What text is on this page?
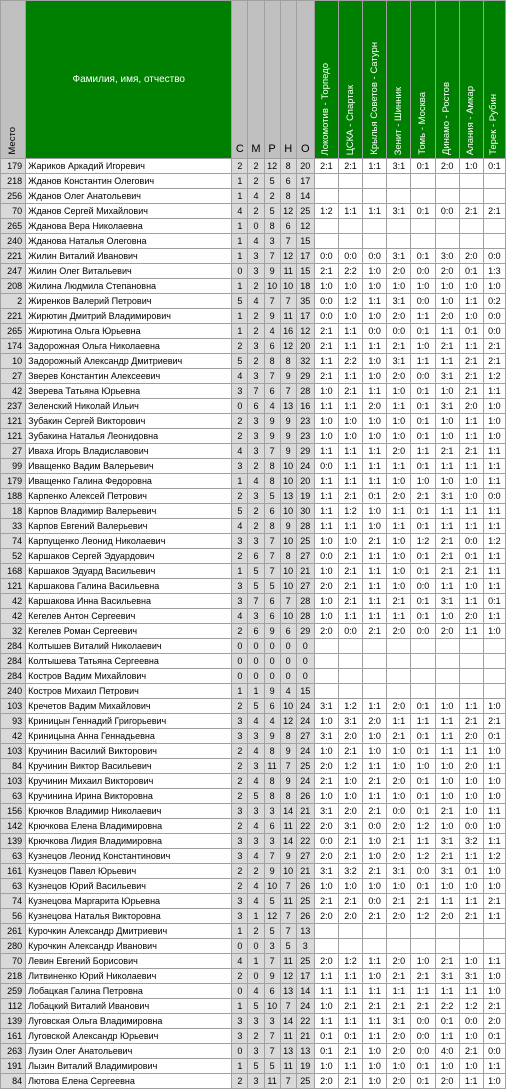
Место	Фамилия, имя, отчество	С	М	Р	Н	О	Локомотив - Торпедо	ЦСКА - Спартак	Крылья Советов - Сатурн	Зенит - Шинник	Томь - Москва	Динамо - Ростов	Алания - Амкар	Терек - Рубин

179	Жариков Аркадий Игоревич	2	2	12	8	20	2:1	2:1	1:1	3:1	0:1	2:0	1:0	0:1
218	Жданов Константин Олегович	1	2	5	6	17								
256	Жданов Олег Анатольевич	1	4	2	8	14								
70	Жданов Сергей Михайлович	4	2	5	12	25	1:2	1:1	1:1	3:1	0:1	0:0	2:1	2:1
265	Жданова Вера Николаевна	1	0	8	6	12								
240	Жданова Наталья Олеговна	1	4	3	7	15								
221	Жилин Виталий Иванович	1	3	7	12	17	0:0	0:0	0:0	3:1	0:1	3:0	2:0	0:0
247	Жилин Олег Витальевич	0	3	9	11	15	2:1	2:2	1:0	2:0	0:0	2:0	0:1	1:3
208	Жилина Людмила Степановна	1	2	10	10	18	1:0	1:0	1:0	1:0	1:0	1:0	1:0	1:0
2	Жиренков Валерий Петрович	5	4	7	7	35	0:0	1:2	1:1	3:1	0:0	1:0	1:1	0:2
221	Жирютин Дмитрий Владимирович	1	2	9	11	17	0:0	1:0	1:0	2:0	1:1	2:0	1:0	0:0
265	Жирютина Ольга Юрьевна	1	2	4	16	12	2:1	1:1	0:0	0:0	0:1	1:1	0:1	0:0
174	Задорожная Ольга Николаевна	2	3	6	12	20	2:1	1:1	1:1	2:1	1:0	2:1	1:1	2:1
10	Задорожный Александр Дмитриевич	5	2	8	8	32	1:1	2:2	1:0	3:1	1:1	1:1	2:1	2:1
27	Зверев Константин Алексеевич	4	3	7	9	29	2:1	1:1	1:0	2:0	0:0	3:1	2:1	1:2
42	Зверева Татьяна Юрьевна	3	7	6	7	28	1:0	2:1	1:1	1:0	0:1	1:0	2:1	1:1
237	Зеленский Николай Ильич	0	6	4	13	16	1:1	1:1	2:0	1:1	0:1	3:1	2:0	1:0
121	Зубакин Сергей Викторович	2	3	9	9	23	1:0	1:0	1:0	1:0	0:1	1:0	1:1	1:0
121	Зубакина Наталья Леонидовна	2	3	9	9	23	1:0	1:0	1:0	1:0	0:1	1:0	1:1	1:0
27	Иваха Игорь Владиславович	4	3	7	9	29	1:1	1:1	1:1	2:0	1:1	2:1	2:1	1:1
99	Иващенко Вадим Валерьевич	3	2	8	10	24	0:0	1:1	1:1	1:1	0:1	1:1	1:1	1:1
179	Иващенко Галина Федоровна	1	4	8	10	20	1:1	1:1	1:1	1:0	1:0	1:0	1:0	1:1
188	Карпенко Алексей Петрович	2	3	5	13	19	1:1	2:1	0:1	2:0	2:1	3:1	1:0	0:0
18	Карпов Владимир Валерьевич	5	2	6	10	30	1:1	1:2	1:0	1:1	0:1	1:1	1:1	1:1
33	Карпов Евгений Валерьевич	4	2	8	9	28	1:1	1:1	1:0	1:1	0:1	1:1	1:1	1:1
74	Карпущенко Леонид Николаевич	3	3	7	10	25	1:0	1:0	2:1	1:0	1:2	2:1	0:0	1:2
52	Каршаков Сергей Эдуардович	2	6	7	8	27	0:0	2:1	1:1	1:0	0:1	2:1	0:1	1:1
168	Каршаков Эдуард Васильевич	1	5	7	10	21	1:0	2:1	1:1	1:0	0:1	2:1	2:1	1:1
121	Каршакова Галина Васильевна	3	5	5	10	27	2:0	2:1	1:1	1:0	0:0	1:1	1:0	1:1
42	Каршакова Инна Васильевна	3	7	6	7	28	1:0	2:1	1:1	2:1	0:1	3:1	1:1	0:1
42	Кегелев Антон Сергеевич	4	3	6	10	28	1:0	1:1	1:1	1:1	0:1	1:0	2:0	1:1
32	Кегелев Роман Сергеевич	2	6	9	6	29	2:0	0:0	2:1	2:0	0:0	2:0	1:1	1:0
284	Колтышев Виталий Николаевич	0	0	0	0	0								
284	Колтышева Татьяна Сергеевна	0	0	0	0	0								
284	Костров Вадим Михайлович	0	0	0	0	0								
240	Костров Михаил Петрович	1	1	9	4	15								
103	Кречетов Вадим Михайлович	2	5	6	10	24	3:1	1:2	1:1	2:0	0:1	1:0	1:1	1:0
93	Криницын Геннадий Григорьевич	3	4	4	12	24	1:0	3:1	2:0	1:1	1:1	1:1	2:1	2:1
42	Криницына Анна Геннадьевна	3	3	9	8	27	3:1	2:0	1:0	2:1	0:1	1:1	2:0	0:1
103	Кручинин Василий Викторович	2	4	8	9	24	1:0	2:1	1:0	1:0	0:1	1:1	1:1	1:0
84	Кручинин Виктор Васильевич	2	3	11	7	25	2:0	1:2	1:1	1:0	1:0	1:0	2:0	1:1
103	Кручинин Михаил Викторович	2	4	8	9	24	2:1	1:0	2:1	2:0	0:1	1:0	1:0	1:0
63	Кручинина Ирина Викторовна	2	5	8	8	26	1:0	1:0	1:1	1:0	0:1	1:0	1:0	1:0
156	Крючков Владимир Николаевич	3	3	3	14	21	3:1	2:0	2:1	0:0	0:1	2:1	1:0	1:1
142	Крючкова Елена Владимировна	2	4	6	11	22	2:0	3:1	0:0	2:0	1:2	1:0	0:0	1:0
139	Крючкова Лидия Владимировна	3	3	3	14	22	0:0	2:1	1:0	2:1	1:1	3:1	3:2	1:1
63	Кузнецов Леонид Константинович	3	4	7	9	27	2:0	2:1	1:0	2:0	1:2	2:1	1:1	1:2
161	Кузнецов Павел Юрьевич	2	2	9	10	21	3:1	3:2	2:1	3:1	0:0	3:1	0:1	1:0
63	Кузнецов Юрий Васильевич	2	4	10	7	26	1:0	1:0	1:0	1:0	0:1	1:0	1:0	1:0
74	Кузнецова Маргарита Юрьевна	3	4	5	11	25	2:1	2:1	0:0	2:1	2:1	1:1	1:1	2:1
56	Кузнецова Наталья Викторовна	3	1	12	7	26	2:0	2:0	2:1	2:0	1:2	2:0	2:1	1:1
261	Курочкин Александр Дмитриевич	1	2	5	7	13								
280	Курочкин Александр Иванович	0	0	3	5	3								
70	Левин Евгений Борисович	4	1	7	11	25	2:0	1:2	1:1	2:0	1:0	2:1	1:0	1:1
218	Литвиненко Юрий Николаевич	2	0	9	12	17	1:1	1:1	1:0	2:1	2:1	3:1	3:1	1:0
259	Лобацкая Галина Петровна	0	4	6	13	14	1:1	1:1	1:1	1:1	1:1	1:1	1:1	1:0
112	Лобацкий Виталий Иванович	1	5	10	7	24	1:0	2:1	2:1	2:1	2:1	2:2	1:2	2:1
139	Луговская Ольга Владимировна	3	3	3	14	22	1:1	1:1	1:1	3:1	0:0	0:1	0:0	2:0
161	Луговской Александр Юрьевич	3	2	7	11	21	0:1	0:1	1:1	2:0	0:0	1:1	1:0	0:1
263	Лузин Олег Анатольевич	0	3	7	13	13	0:1	2:1	1:0	2:0	0:0	4:0	2:1	0:0
191	Лызин Виталий Владимирович	1	5	5	11	19	1:0	1:1	1:0	1:0	0:1	1:0	1:0	1:1
84	Лютова Елена Сергеевна	2	3	11	7	25	2:0	2:1	1:0	2:0	0:1	2:0	1:1	1:0
